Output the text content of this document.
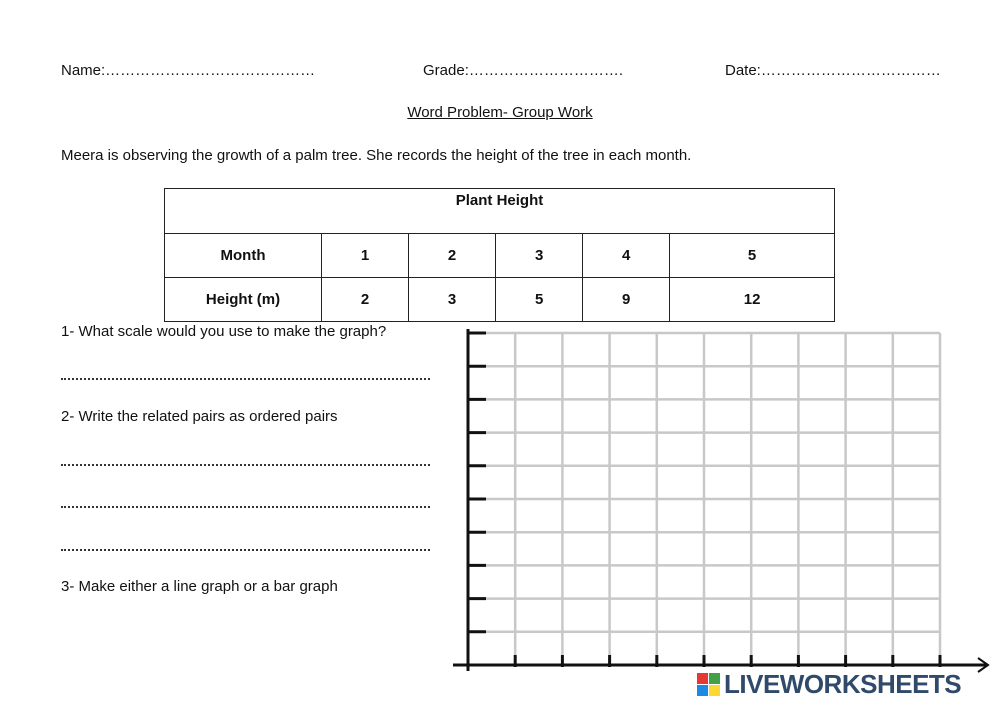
Name:……………………………………	Grade:………………………….	Date:………………………………
Word Problem- Group Work
Meera is observing the growth of a palm tree. She records the height of the tree in each month.
Plant Height					
Month	1	2	3	4	5
Height (m)	2	3	5	9	12
1- What scale would you use to make the graph?
2- Write the related pairs as ordered pairs
3- Make either a line graph or a bar graph
LIVEWORKSHEETS
